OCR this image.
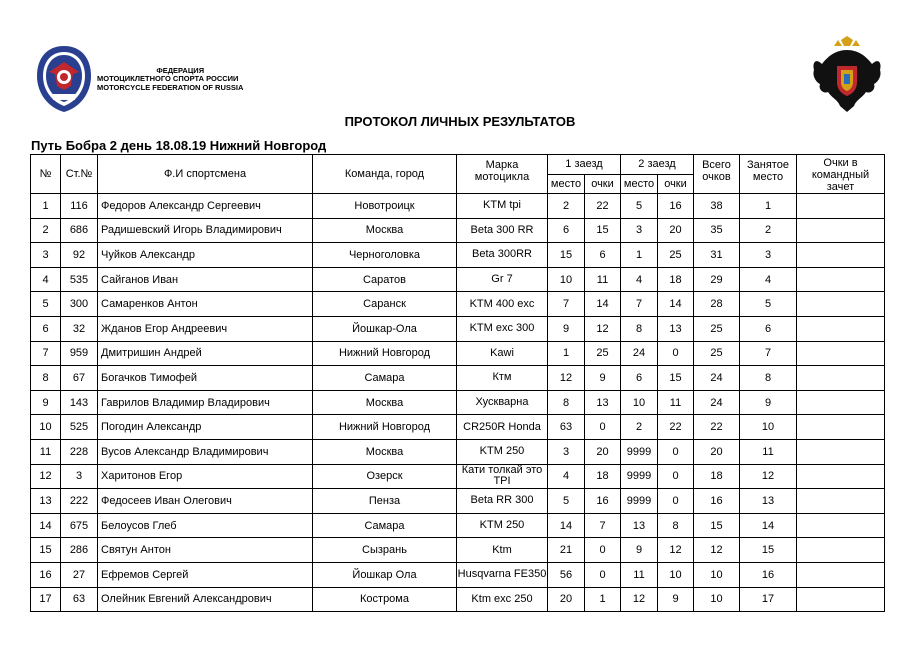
ФЕДЕРАЦИЯ
МОТОЦИКЛЕТНОГО СПОРТА РОССИИ
MOTORCYCLE FEDERATION OF RUSSIA
ПРОТОКОЛ ЛИЧНЫХ РЕЗУЛЬТАТОВ
Путь Бобра 2 день 18.08.19 Нижний Новгород
№	Ст.№	Ф.И спортсмена	Команда, город	Марка мотоцикла	1 заезд		2 заезд		Всего очков	Занятое место	Очки в командный зачет

					место	очки	место	очки			
1	116	Федоров Александр Сергеевич	Новотроицк	KTM tpi	2	22	5	16	38	1	
2	686	Радишевский Игорь Владимирович	Москва	Beta 300 RR	6	15	3	20	35	2	
3	92	Чуйков Александр	Черноголовка	Beta 300RR	15	6	1	25	31	3	
4	535	Сайганов Иван	Саратов	Gr 7	10	11	4	18	29	4	
5	300	Самаренков Антон	Саранск	KTM 400 exc	7	14	7	14	28	5	
6	32	Жданов Егор Андреевич	Йошкар-Ола	KTM exc 300	9	12	8	13	25	6	
7	959	Дмитришин Андрей	Нижний Новгород	Kawi	1	25	24	0	25	7	
8	67	Богачков Тимофей	Самара	Ктм	12	9	6	15	24	8	
9	143	Гаврилов Владимир Владирович	Москва	Хускварна	8	13	10	11	24	9	
10	525	Погодин Александр	Нижний Новгород	CR250R Honda	63	0	2	22	22	10	
11	228	Вусов Александр Владимирович	Москва	KTM 250	3	20	9999	0	20	11	
12	3	Харитонов Егор	Озерск	Кати толкай это TPI	4	18	9999	0	18	12	
13	222	Федосеев Иван Олегович	Пенза	Beta RR 300	5	16	9999	0	16	13	
14	675	Белоусов Глеб	Самара	KTM 250	14	7	13	8	15	14	
15	286	Святун Антон	Сызрань	Ktm	21	0	9	12	12	15	
16	27	Ефремов Сергей	Йошкар Ола	Husqvarna FE350	56	0	11	10	10	16	
17	63	Олейник Евгений Александрович	Кострома	Ktm exc 250	20	1	12	9	10	17	
